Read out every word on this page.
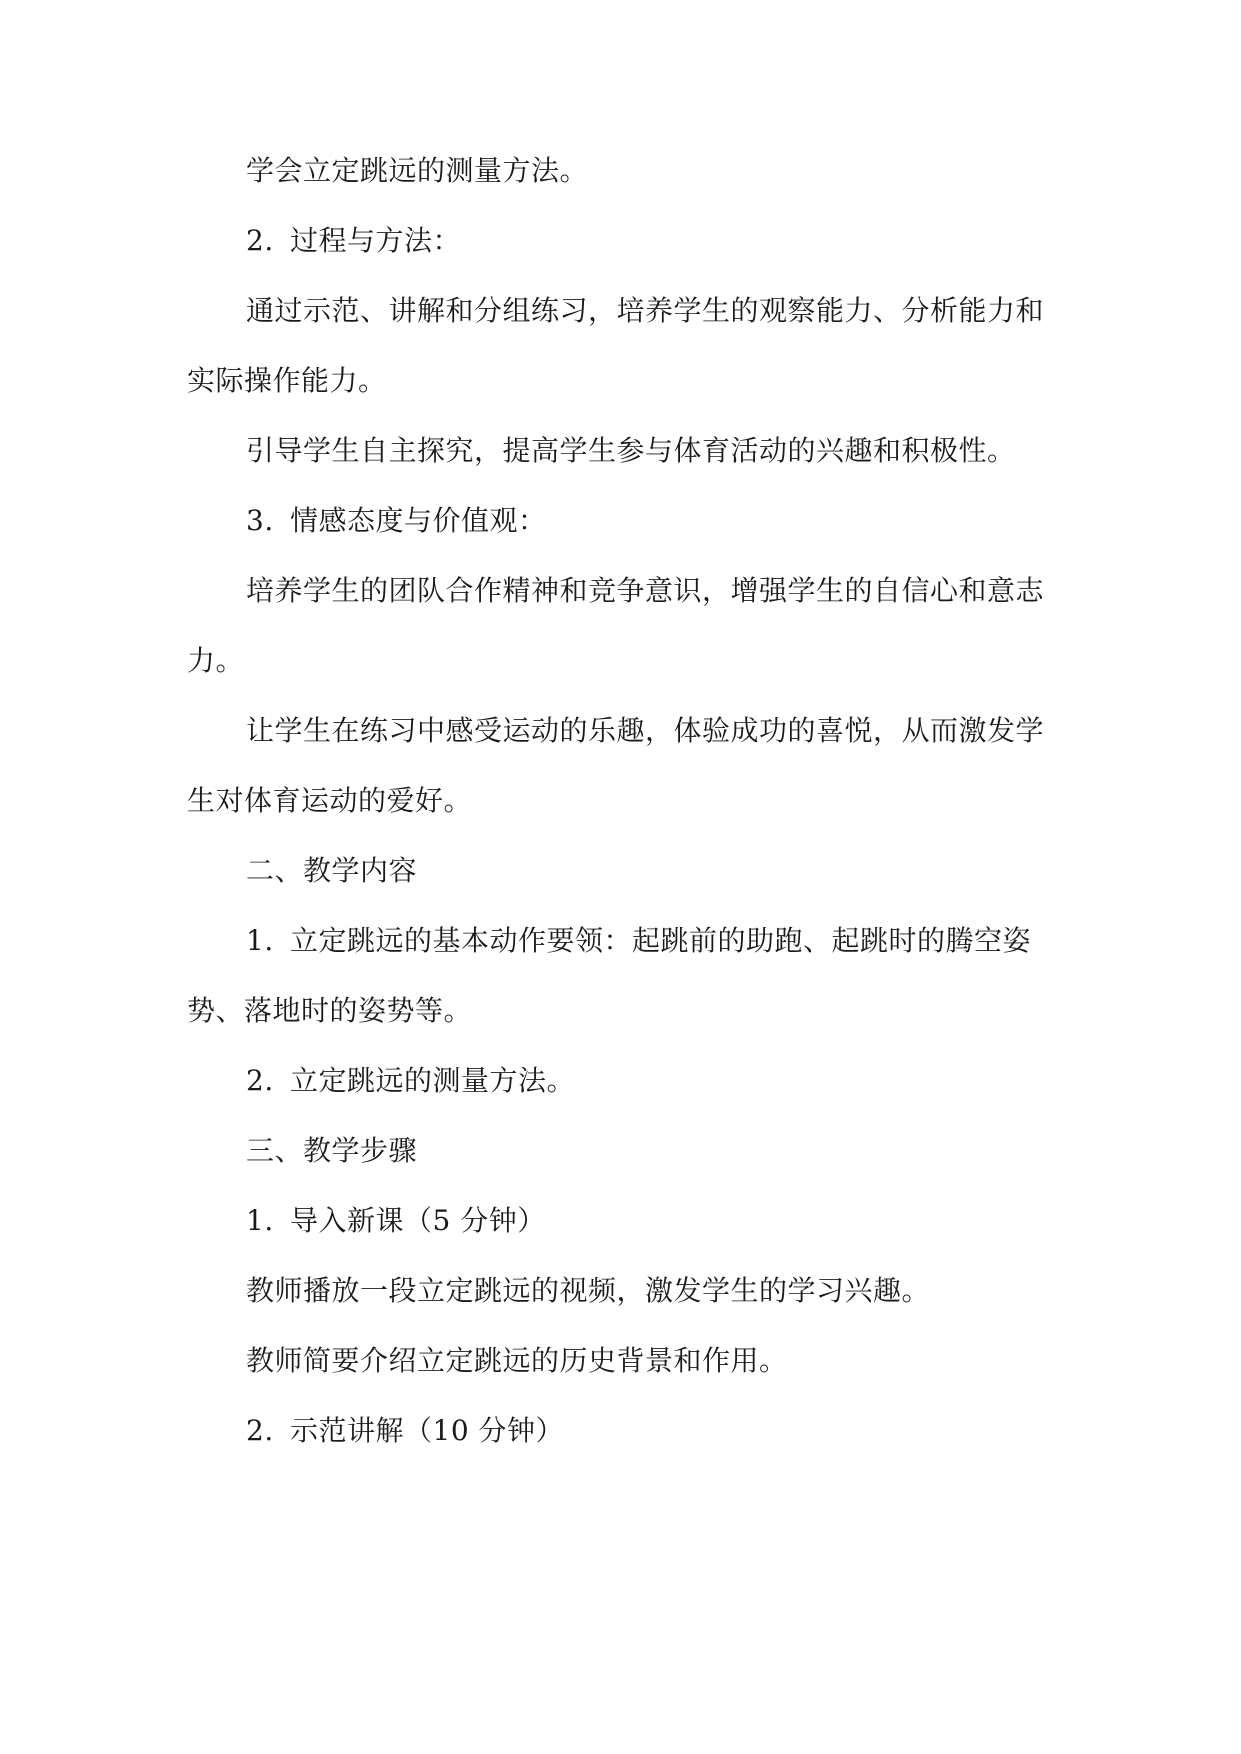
学会立定跳远的测量方法。
2. 过程与方法：
通过示范、讲解和分组练习，培养学生的观察能力、分析能力和
实际操作能力。
引导学生自主探究，提高学生参与体育活动的兴趣和积极性。
3. 情感态度与价值观：
培养学生的团队合作精神和竞争意识，增强学生的自信心和意志
力。
让学生在练习中感受运动的乐趣，体验成功的喜悦，从而激发学
生对体育运动的爱好。
二、教学内容
1. 立定跳远的基本动作要领：起跳前的助跑、起跳时的腾空姿
势、落地时的姿势等。
2. 立定跳远的测量方法。
三、教学步骤
1. 导入新课（5 分钟）
教师播放一段立定跳远的视频，激发学生的学习兴趣。
教师简要介绍立定跳远的历史背景和作用。
2. 示范讲解（10 分钟）
